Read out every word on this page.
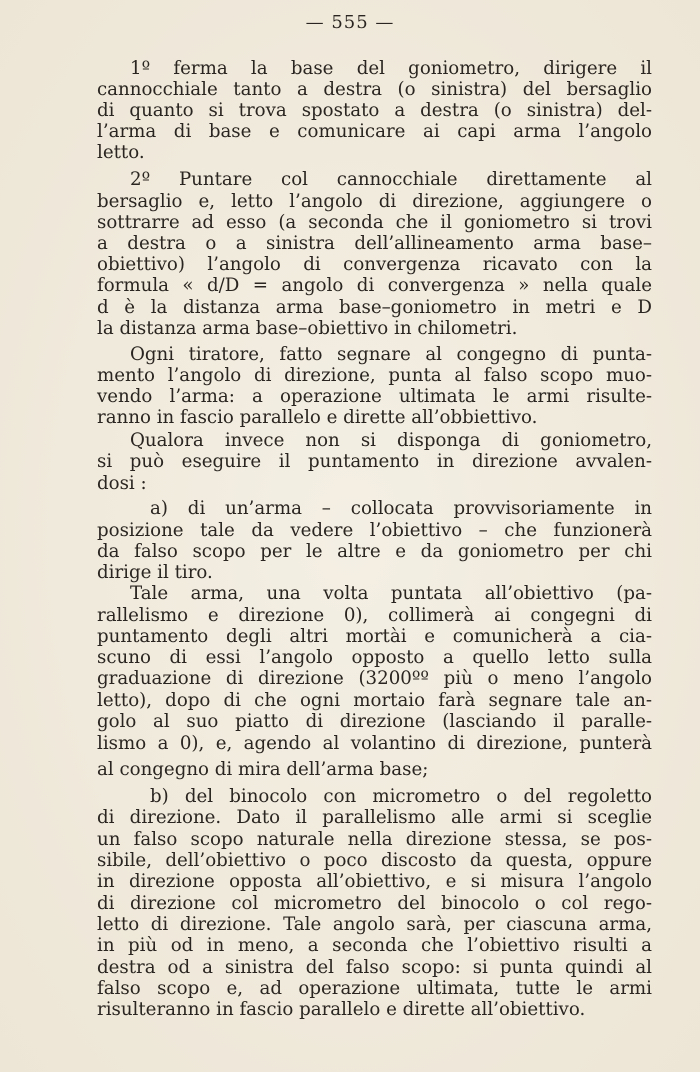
— 555 —
1º ferma la base del goniometro, dirigere il
cannocchiale tanto a destra (o sinistra) del bersaglio
di quanto si trova spostato a destra (o sinistra) del-
l’arma di base e comunicare ai capi arma l’angolo
letto.
2º Puntare col cannocchiale direttamente al
bersaglio e, letto l’angolo di direzione, aggiungere o
sottrarre ad esso (a seconda che il goniometro si trovi
a destra o a sinistra dell’allineamento arma base–
obiettivo) l’angolo di convergenza ricavato con la
formula « d/D = angolo di convergenza » nella quale
d è la distanza arma base–goniometro in metri e D
la distanza arma base–obiettivo in chilometri.
Ogni tiratore, fatto segnare al congegno di punta-
mento l’angolo di direzione, punta al falso scopo muo-
vendo l’arma: a operazione ultimata le armi risulte-
ranno in fascio parallelo e dirette all’obbiettivo.
Qualora invece non si disponga di goniometro,
si può eseguire il puntamento in direzione avvalen-
dosi :
a) di un’arma – collocata provvisoriamente in
posizione tale da vedere l’obiettivo – che funzionerà
da falso scopo per le altre e da goniometro per chi
dirige il tiro.
Tale arma, una volta puntata all’obiettivo (pa-
rallelismo e direzione 0), collimerà ai congegni di
puntamento degli altri mortài e comunicherà a cia-
scuno di essi l’angolo opposto a quello letto sulla
graduazione di direzione (3200ºº più o meno l’angolo
letto), dopo di che ogni mortaio farà segnare tale an-
golo al suo piatto di direzione (lasciando il paralle-
lismo a 0), e, agendo al volantino di direzione, punterà
al congegno di mira dell’arma base;
b) del binocolo con micrometro o del regoletto
di direzione. Dato il parallelismo alle armi si sceglie
un falso scopo naturale nella direzione stessa, se pos-
sibile, dell’obiettivo o poco discosto da questa, oppure
in direzione opposta all’obiettivo, e si misura l’angolo
di direzione col micrometro del binocolo o col rego-
letto di direzione. Tale angolo sarà, per ciascuna arma,
in più od in meno, a seconda che l’obiettivo risulti a
destra od a sinistra del falso scopo: si punta quindi al
falso scopo e, ad operazione ultimata, tutte le armi
risulteranno in fascio parallelo e dirette all’obiettivo.
